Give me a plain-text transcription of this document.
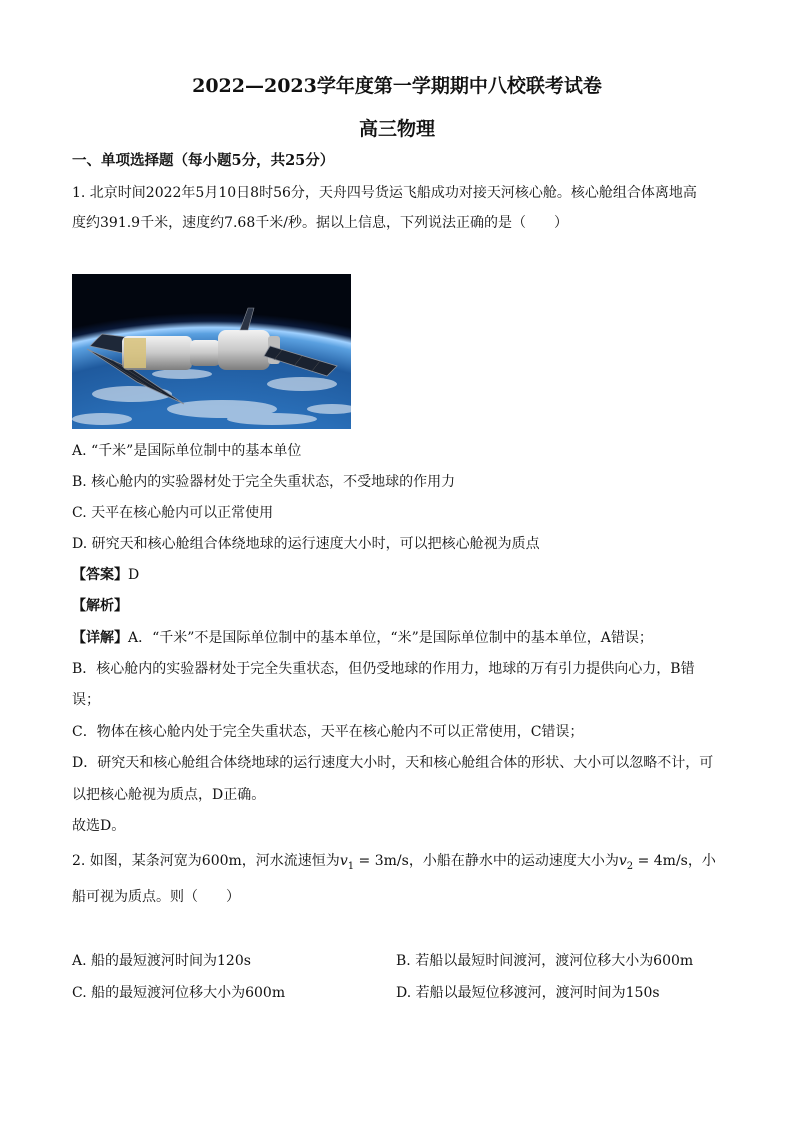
2022—2023学年度第一学期期中八校联考试卷
高三物理
一、单项选择题（每小题5分，共25分）
1. 北京时间2022年5月10日8时56分，天舟四号货运飞船成功对接天河核心舱。核心舱组合体离地高
度约391.9千米，速度约7.68千米/秒。据以上信息，下列说法正确的是（　　）
A. “千米”是国际单位制中的基本单位
B. 核心舱内的实验器材处于完全失重状态，不受地球的作用力
C. 天平在核心舱内可以正常使用
D. 研究天和核心舱组合体绕地球的运行速度大小时，可以把核心舱视为质点
【答案】D
【解析】
【详解】A．“千米”不是国际单位制中的基本单位，“米”是国际单位制中的基本单位，A错误；
B．核心舱内的实验器材处于完全失重状态，但仍受地球的作用力，地球的万有引力提供向心力，B错
误；
C．物体在核心舱内处于完全失重状态，天平在核心舱内不可以正常使用，C错误；
D．研究天和核心舱组合体绕地球的运行速度大小时，天和核心舱组合体的形状、大小可以忽略不计，可
以把核心舱视为质点，D正确。
故选D。
2. 如图，某条河宽为600m，河水流速恒为$v_1 = 3m/s$，小船在静水中的运动速度大小为$v_2 = 4m/s$，小
船可视为质点。则（　　）
A. 船的最短渡河时间为120s	B. 若船以最短时间渡河，渡河位移大小为600m
C. 船的最短渡河位移大小为600m	D. 若船以最短位移渡河，渡河时间为150s
